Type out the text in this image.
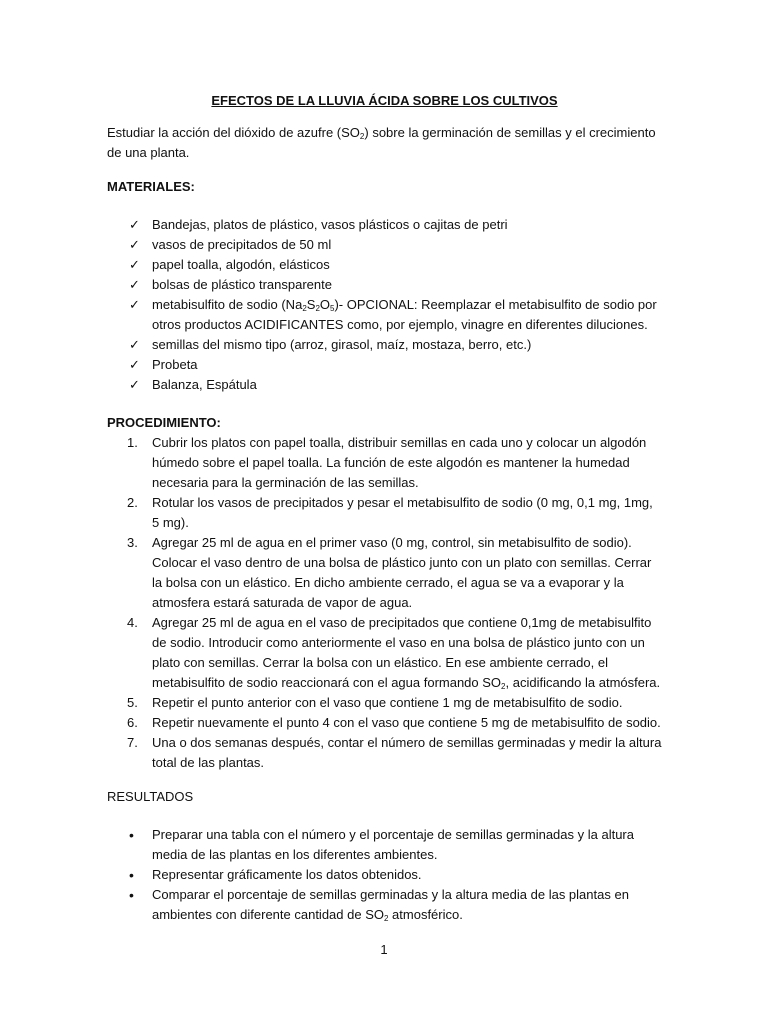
EFECTOS DE LA LLUVIA ÁCIDA SOBRE LOS CULTIVOS

Estudiar la acción del dióxido de azufre $(SO_2)$ sobre la germinación de semillas y el crecimiento de una planta.

MATERIALES:

✓ Bandejas, platos de plástico, vasos plásticos o cajitas de petri
✓ vasos de precipitados de 50 ml
✓ papel toalla, algodón, elásticos
✓ bolsas de plástico transparente
✓ metabisulfito de sodio $(Na_2S_2O_5)-$ OPCIONAL: Reemplazar el metabisulfito de sodio por otros productos ACIDIFICANTES como, por ejemplo, vinagre en diferentes diluciones.
✓ semillas del mismo tipo (arroz, girasol, maíz, mostaza, berro, etc.)
✓ Probeta
✓ Balanza, Espátula

PROCEDIMIENTO:

1. Cubrir los platos con papel toalla, distribuir semillas en cada uno y colocar un algodón húmedo sobre el papel toalla. La función de este algodón es mantener la humedad necesaria para la germinación de las semillas.
2. Rotular los vasos de precipitados y pesar el metabisulfito de sodio (0 mg, 0,1 mg, 1mg, 5 mg).
3. Agregar 25 ml de agua en el primer vaso (0 mg, control, sin metabisulfito de sodio). Colocar el vaso dentro de una bolsa de plástico junto con un plato con semillas. Cerrar la bolsa con un elástico. En dicho ambiente cerrado, el agua se va a evaporar y la atmosfera estará saturada de vapor de agua.
4. Agregar 25 ml de agua en el vaso de precipitados que contiene 0,1mg de metabisulfito de sodio. Introducir como anteriormente el vaso en una bolsa de plástico junto con un plato con semillas. Cerrar la bolsa con un elástico. En ese ambiente cerrado, el metabisulfito de sodio reaccionará con el agua formando $SO_2$, acidificando la atmósfera.
5. Repetir el punto anterior con el vaso que contiene 1 mg de metabisulfito de sodio.
6. Repetir nuevamente el punto 4 con el vaso que contiene 5 mg de metabisulfito de sodio.
7. Una o dos semanas después, contar el número de semillas germinadas y medir la altura total de las plantas.

RESULTADOS

•	Preparar una tabla con el número y el porcentaje de semillas germinadas y la altura media de las plantas en los diferentes ambientes.
•	Representar gráficamente los datos obtenidos.
•	Comparar el porcentaje de semillas germinadas y la altura media de las plantas en ambientes con diferente cantidad de $SO_2$ atmosférico.
1
